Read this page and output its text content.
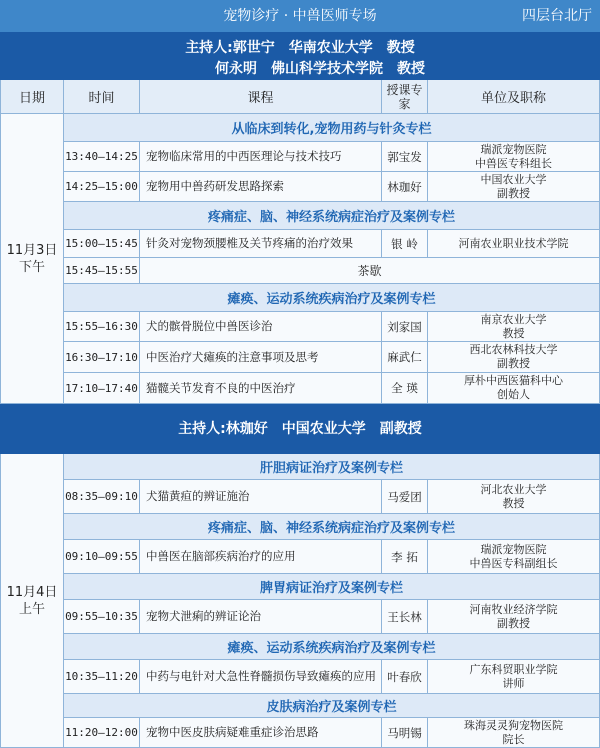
宠物诊疗 · 中兽医师专场	四层台北厅
主持人:郭世宁　华南农业大学　教授
何永明　佛山科学技术学院　教授
日期	时间	课程
授课专家	单位及职称
11月3日
下午
从临床到转化,宠物用药与针灸专栏
13:40–14:25 宠物临床常用的中西医理论与技术技巧	郭宝发
瑞派宠物医院
中兽医专科组长
14:25–15:00 宠物用中兽药研发思路探索	林珈好
中国农业大学
副教授
疼痛症、脑、神经系统病症治疗及案例专栏
15:00–15:45 针灸对宠物颈腰椎及关节疼痛的治疗效果	银 岭	河南农业职业技术学院
15:45–15:55	茶歇
瘫痪、运动系统疾病治疗及案例专栏
15:55–16:30 犬的髌骨脱位中兽医诊治	刘家国
南京农业大学
教授
16:30–17:10 中医治疗犬瘫痪的注意事项及思考	麻武仁
西北农林科技大学
副教授
17:10–17:40 猫髋关节发育不良的中医治疗	全 瑛
厚朴中西医猫科中心
创始人
主持人:林珈好　中国农业大学　副教授
11月4日
上午
肝胆病证治疗及案例专栏
08:35–09:10 犬猫黄疸的辨证施治	马爱团
河北农业大学
教授
疼痛症、脑、神经系统病症治疗及案例专栏
09:10–09:55 中兽医在脑部疾病治疗的应用	李 拓
瑞派宠物医院
中兽医专科副组长
脾胃病证治疗及案例专栏
09:55–10:35 宠物犬泄痢的辨证论治	王长林
河南牧业经济学院
副教授
瘫痪、运动系统疾病治疗及案例专栏
10:35–11:20 中药与电针对犬急性脊髓损伤导致瘫痪的应用 叶春欣
广东科贸职业学院
讲师
皮肤病治疗及案例专栏
11:20–12:00 宠物中医皮肤病疑难重症诊治思路	马明锡
珠海灵灵狗宠物医院
院长
